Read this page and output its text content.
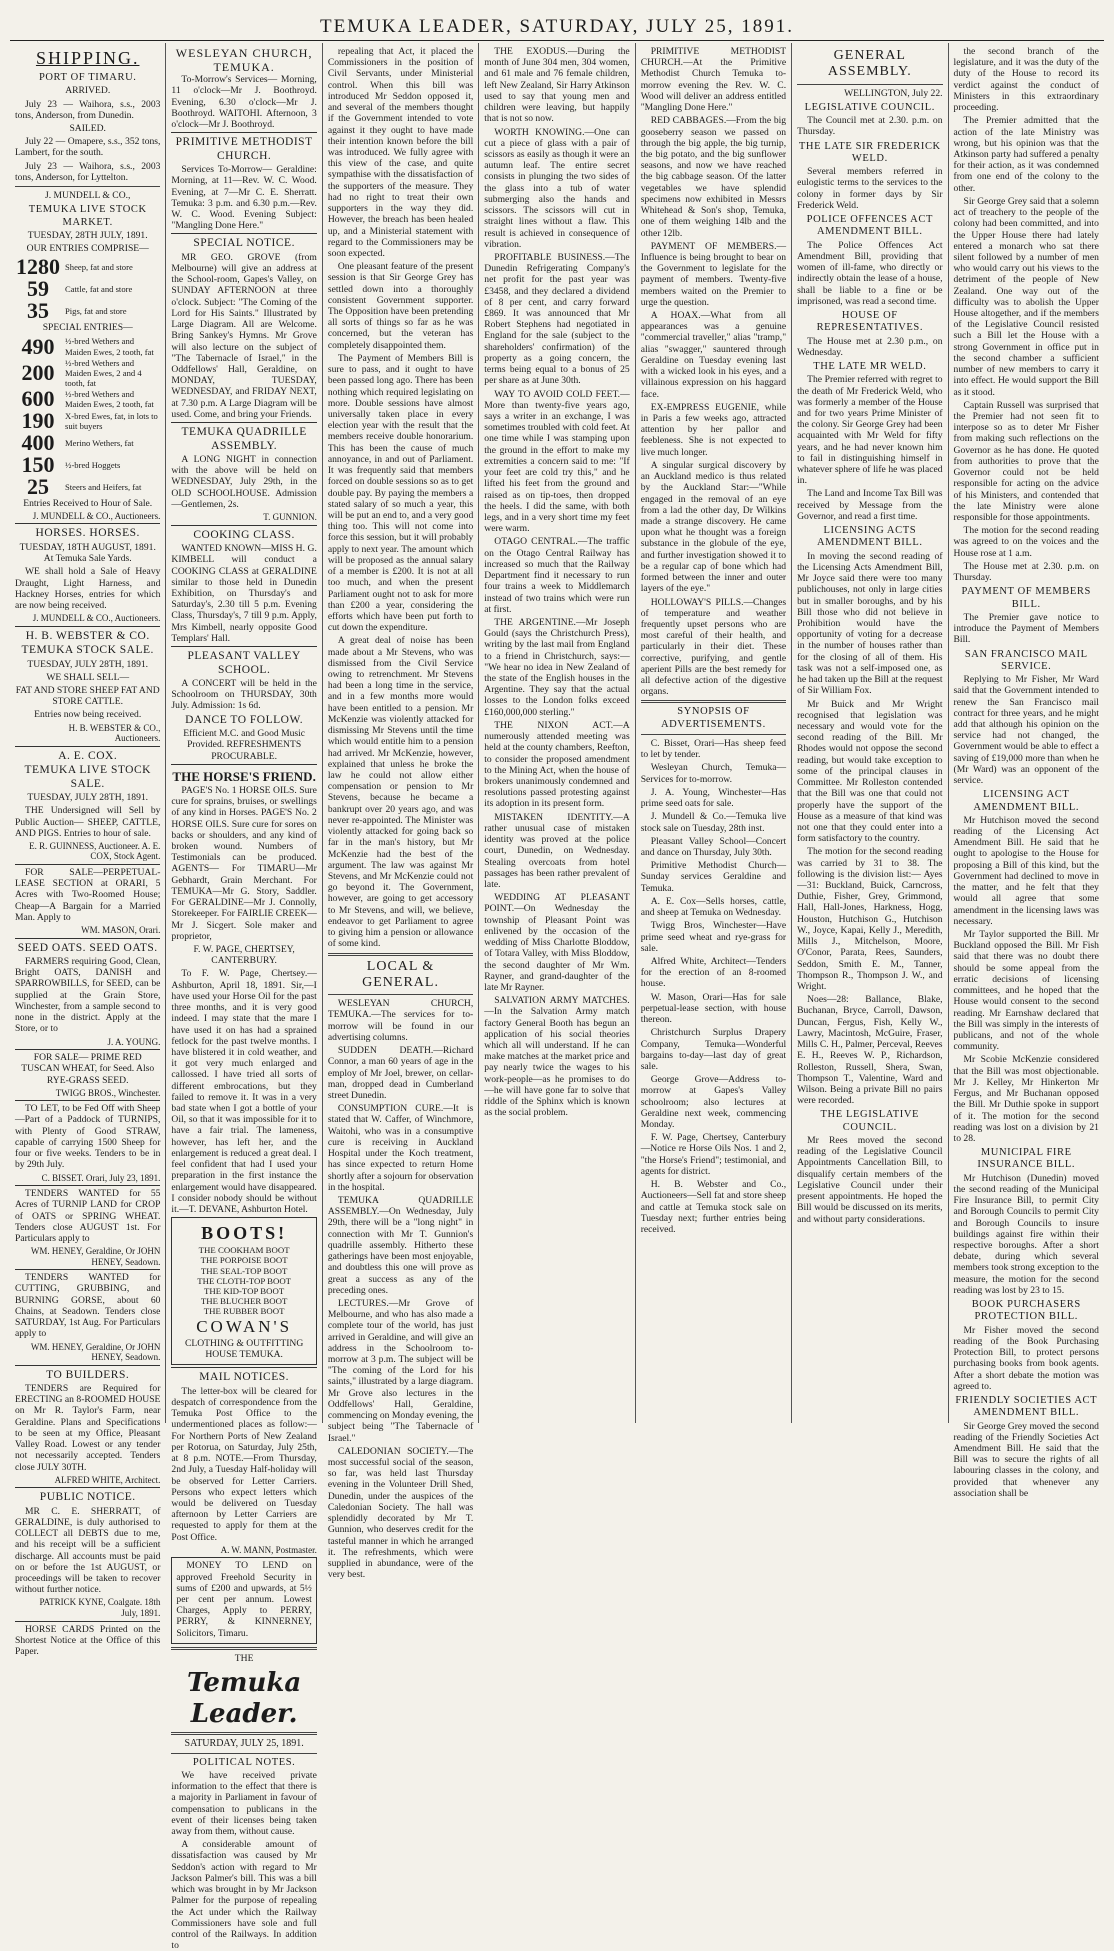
TEMUKA LEADER, SATURDAY, JULY 25, 1891.
SHIPPING.
PORT OF TIMARU.

ARRIVED.

July 23 — Waihora, s.s., 2003 tons, Anderson, from Dunedin.

SAILED.

July 22 — Omapere, s.s., 352 tons, Lambert, for the south.

July 23 — Waihora, s.s., 2003 tons, Anderson, for Lyttelton.

J. MUNDELL & CO.,

TEMUKA LIVE STOCK MARKET.

TUESDAY, 28TH JULY, 1891.

OUR ENTRIES COMPRISE—

1280 Sheep, fat and store
59	Cattle, fat and store
35	Pigs, fat and store

SPECIAL ENTRIES—

490	½-bred Wethers and Maiden Ewes, 2 tooth, fat
200	½-bred Wethers and Maiden Ewes, 2 and 4 tooth, fat
600	½-bred Wethers and Maiden Ewes, 2 tooth, fat
190	X-bred Ewes, fat, in lots to suit buyers
400	Merino Wethers, fat
150	½-bred Hoggets
25	Steers and Heifers, fat

Entries Received to Hour of Sale.

J. MUNDELL & CO., Auctioneers.

HORSES. HORSES.

TUESDAY, 18TH AUGUST, 1891. At Temuka Sale Yards.

WE shall hold a Sale of Heavy Draught, Light Harness, and Hackney Horses, entries for which are now being received.

J. MUNDELL & CO., Auctioneers.

H. B. WEBSTER & CO.
TEMUKA STOCK SALE.

TUESDAY, JULY 28TH, 1891.

WE SHALL SELL—

FAT AND STORE SHEEP FAT AND STORE CATTLE.

Entries now being received.

H. B. WEBSTER & CO., Auctioneers.

A. E. COX.
TEMUKA LIVE STOCK SALE.

TUESDAY, JULY 28TH, 1891.

THE Undersigned will Sell by Public Auction— SHEEP, CATTLE, AND PIGS. Entries to hour of sale.

E. R. GUINNESS, Auctioneer. A. E. COX, Stock Agent.

FOR SALE—PERPETUAL-LEASE SECTION at ORARI, 5 Acres with Two-Roomed House; Cheap—A Bargain for a Married Man. Apply to

WM. MASON, Orari.

SEED OATS. SEED OATS.

FARMERS requiring Good, Clean, Bright OATS, DANISH and SPARROWBILLS, for SEED, can be supplied at the Grain Store, Winchester, from a sample second to none in the district. Apply at the Store, or to

J. A. YOUNG.

FOR SALE— PRIME RED TUSCAN WHEAT, for Seed. Also RYE-GRASS SEED.

TWIGG BROS., Winchester.

TO LET, to be Fed Off with Sheep—Part of a Paddock of TURNIPS, with Plenty of Good STRAW, capable of carrying 1500 Sheep for four or five weeks. Tenders to be in by 29th July.

C. BISSET. Orari, July 23, 1891.

TENDERS WANTED for 55 Acres of TURNIP LAND for CROP of OATS or SPRING WHEAT. Tenders close AUGUST 1st. For Particulars apply to

WM. HENEY, Geraldine, Or JOHN HENEY, Seadown.

TENDERS WANTED for CUTTING, GRUBBING, and BURNING GORSE, about 60 Chains, at Seadown. Tenders close SATURDAY, 1st Aug. For Particulars apply to

WM. HENEY, Geraldine, Or JOHN HENEY, Seadown.

TO BUILDERS.

TENDERS are Required for ERECTING an 8-ROOMED HOUSE on Mr R. Taylor's Farm, near Geraldine. Plans and Specifications to be seen at my Office, Pleasant Valley Road. Lowest or any tender not necessarily accepted. Tenders close JULY 30TH.

ALFRED WHITE, Architect.

PUBLIC NOTICE.

MR C. E. SHERRATT, of GERALDINE, is duly authorised to COLLECT all DEBTS due to me, and his receipt will be a sufficient discharge. All accounts must be paid on or before the 1st AUGUST, or proceedings will be taken to recover without further notice.

PATRICK KYNE, Coalgate. 18th July, 1891.

HORSE CARDS Printed on the Shortest Notice at the Office of this Paper.

WESLEYAN CHURCH, TEMUKA.

To-Morrow's Services— Morning, 11 o'clock—Mr J. Boothroyd. Evening, 6.30 o'clock—Mr J. Boothroyd. WAITOHI. Afternoon, 3 o'clock—Mr J. Boothroyd.

PRIMITIVE METHODIST CHURCH.

Services To-Morrow— Geraldine: Morning, at 11—Rev. W. C. Wood. Evening, at 7—Mr C. E. Sherratt. Temuka: 3 p.m. and 6.30 p.m.—Rev. W. C. Wood. Evening Subject: "Mangling Done Here."

SPECIAL NOTICE.

MR GEO. GROVE (from Melbourne) will give an address at the School-room, Gapes's Valley, on SUNDAY AFTERNOON at three o'clock. Subject: "The Coming of the Lord for His Saints." Illustrated by Large Diagram. All are Welcome. Bring Sankey's Hymns. Mr Grove will also lecture on the subject of "The Tabernacle of Israel," in the Oddfellows' Hall, Geraldine, on MONDAY, TUESDAY, WEDNESDAY, and FRIDAY NEXT, at 7.30 p.m. A Large Diagram will be used. Come, and bring your Friends.

TEMUKA QUADRILLE ASSEMBLY.

A LONG NIGHT in connection with the above will be held on WEDNESDAY, July 29th, in the OLD SCHOOLHOUSE. Admission—Gentlemen, 2s.

T. GUNNION.

COOKING CLASS.

WANTED KNOWN—MISS H. G. KIMBELL will conduct a COOKING CLASS at GERALDINE similar to those held in Dunedin Exhibition, on Thursday's and Saturday's, 2.30 till 5 p.m. Evening Class, Thursday's, 7 till 9 p.m. Apply, Mrs Kimbell, nearly opposite Good Templars' Hall.

PLEASANT VALLEY SCHOOL.

A CONCERT will be held in the Schoolroom on THURSDAY, 30th July. Admission: 1s 6d.

DANCE TO FOLLOW.

Efficient M.C. and Good Music Provided. REFRESHMENTS PROCURABLE.

THE HORSE'S FRIEND.

PAGE'S No. 1 HORSE OILS. Sure cure for sprains, bruises, or swellings of any kind in Horses. PAGE'S No. 2 HORSE OILS. Sure cure for sores on backs or shoulders, and any kind of broken wound. Numbers of Testimonials can be produced. AGENTS— For TIMARU—Mr Gebhardt, Grain Merchant. For TEMUKA—Mr G. Story, Saddler. For GERALDINE—Mr J. Connolly, Storekeeper. For FAIRLIE CREEK—Mr J. Sicgert. Sole maker and proprietor,

F. W. PAGE, CHERTSEY, CANTERBURY.

To F. W. Page, Chertsey.—Ashburton, April 18, 1891. Sir,—I have used your Horse Oil for the past three months, and it is very good indeed. I may state that the mare I have used it on has had a sprained fetlock for the past twelve months. I have blistered it in cold weather, and it got very much enlarged and callossed. I have tried all sorts of different embrocations, but they failed to remove it. It was in a very bad state when I got a bottle of your Oil, so that it was impossible for it to have a fair trial. The lameness, however, has left her, and the enlargement is reduced a great deal. I feel confident that had I used your preparation in the first instance the enlargement would have disappeared. I consider nobody should be without it.—T. DEVANE, Ashburton Hotel.

BOOTS!
THE COOKHAM BOOT
THE PORPOISE BOOT
THE SEAL-TOP BOOT
THE CLOTH-TOP BOOT
THE KID-TOP BOOT
THE BLUCHER BOOT
THE RUBBER BOOT
COWAN'S

CLOTHING & OUTFITTING HOUSE TEMUKA.

MAIL NOTICES.

The letter-box will be cleared for despatch of correspondence from the Temuka Post Office to the undermentioned places as follow:— For Northern Ports of New Zealand per Rotorua, on Saturday, July 25th, at 8 p.m. NOTE.—From Thursday, 2nd July, a Tuesday Half-holiday will be observed for Letter Carriers. Persons who expect letters which would be delivered on Tuesday afternoon by Letter Carriers are requested to apply for them at the Post Office.

A. W. MANN, Postmaster.

MONEY TO LEND on approved Freehold Security in sums of £200 and upwards, at 5½ per cent per annum. Lowest Charges, Apply to PERRY, PERRY, & KINNERNEY, Solicitors, Timaru.

THE

Temuka Leader.
SATURDAY, JULY 25, 1891.
POLITICAL NOTES.

We have received private information to the effect that there is a majority in Parliament in favour of compensation to publicans in the event of their licenses being taken away from them, without cause.

A considerable amount of dissatisfaction was caused by Mr Seddon's action with regard to Mr Jackson Palmer's bill. This was a bill which was brought in by Mr Jackson Palmer for the purpose of repealing the Act under which the Railway Commissioners have sole and full control of the Railways. In addition to

repealing that Act, it placed the Commissioners in the position of Civil Servants, under Ministerial control. When this bill was introduced Mr Seddon opposed it, and several of the members thought if the Government intended to vote against it they ought to have made their intention known before the bill was introduced. We fully agree with this view of the case, and quite sympathise with the dissatisfaction of the supporters of the measure. They had no right to treat their own supporters in the way they did. However, the breach has been healed up, and a Ministerial statement with regard to the Commissioners may be soon expected.

One pleasant feature of the present session is that Sir George Grey has settled down into a thoroughly consistent Government supporter. The Opposition have been pretending all sorts of things so far as he was concerned, but the veteran has completely disappointed them.

The Payment of Members Bill is sure to pass, and it ought to have been passed long ago. There has been nothing which required legislating on more. Double sessions have almost universally taken place in every election year with the result that the members receive double honorarium. This has been the cause of much annoyance, in and out of Parliament. It was frequently said that members forced on double sessions so as to get double pay. By paying the members a stated salary of so much a year, this will be put an end to, and a very good thing too. This will not come into force this session, but it will probably apply to next year. The amount which will be proposed as the annual salary of a member is £200. It is not at all too much, and when the present Parliament ought not to ask for more than £200 a year, considering the efforts which have been put forth to cut down the expenditure.

A great deal of noise has been made about a Mr Stevens, who was dismissed from the Civil Service owing to retrenchment. Mr Stevens had been a long time in the service, and in a few months more would have been entitled to a pension. Mr McKenzie was violently attacked for dismissing Mr Stevens until the time which would entitle him to a pension had arrived. Mr McKenzie, however, explained that unless he broke the law he could not allow either compensation or pension to Mr Stevens, because he became a bankrupt over 20 years ago, and was never re-appointed. The Minister was violently attacked for going back so far in the man's history, but Mr McKenzie had the best of the argument. The law was against Mr Stevens, and Mr McKenzie could not go beyond it. The Government, however, are going to get accessory to Mr Stevens, and will, we believe, endeavor to get Parliament to agree to giving him a pension or allowance of some kind.

LOCAL & GENERAL.

WESLEYAN CHURCH, TEMUKA.—The services for to-morrow will be found in our advertising columns.

SUDDEN DEATH.—Richard Connor, a man 60 years of age in the employ of Mr Joel, brewer, on cellar-man, dropped dead in Cumberland street Dunedin.

CONSUMPTION CURE.—It is stated that W. Caffer, of Winchmore, Waitohi, who was in a consumptive cure is receiving in Auckland Hospital under the Koch treatment, has since expected to return Home shortly after a sojourn for observation in the hospital.

TEMUKA QUADRILLE ASSEMBLY.—On Wednesday, July 29th, there will be a "long night" in connection with Mr T. Gunnion's quadrille assembly. Hitherto these gatherings have been most enjoyable, and doubtless this one will prove as great a success as any of the preceding ones.

LECTURES.—Mr Grove of Melbourne, and who has also made a complete tour of the world, has just arrived in Geraldine, and will give an address in the Schoolroom to-morrow at 3 p.m. The subject will be "The coming of the Lord for his saints," illustrated by a large diagram. Mr Grove also lectures in the Oddfellows' Hall, Geraldine, commencing on Monday evening, the subject being "The Tabernacle of Israel."

CALEDONIAN SOCIETY.—The most successful social of the season, so far, was held last Thursday evening in the Volunteer Drill Shed, Dunedin, under the auspices of the Caledonian Society. The hall was splendidly decorated by Mr T. Gunnion, who deserves credit for the tasteful manner in which he arranged it. The refreshments, which were supplied in abundance, were of the very best.

THE EXODUS.—During the month of June 304 men, 304 women, and 61 male and 76 female children, left New Zealand, Sir Harry Atkinson used to say that young men and children were leaving, but happily that is not so now.

WORTH KNOWING.—One can cut a piece of glass with a pair of scissors as easily as though it were an autumn leaf. The entire secret consists in plunging the two sides of the glass into a tub of water submerging also the hands and scissors. The scissors will cut in straight lines without a flaw. This result is achieved in consequence of vibration.

PROFITABLE BUSINESS.—The Dunedin Refrigerating Company's net profit for the past year was £3458, and they declared a dividend of 8 per cent, and carry forward £869. It was announced that Mr Robert Stephens had negotiated in England for the sale (subject to the shareholders' confirmation) of the property as a going concern, the terms being equal to a bonus of 25 per share as at June 30th.

WAY TO AVOID COLD FEET.—More than twenty-five years ago, says a writer in an exchange, I was sometimes troubled with cold feet. At one time while I was stamping upon the ground in the effort to make my extremities a concern said to me: "If your feet are cold try this," and he lifted his feet from the ground and raised as on tip-toes, then dropped the heels. I did the same, with both legs, and in a very short time my feet were warm.

OTAGO CENTRAL.—The traffic on the Otago Central Railway has increased so much that the Railway Department find it necessary to run four trains a week to Middlemarch instead of two trains which were run at first.

THE ARGENTINE.—Mr Joseph Gould (says the Christchurch Press), writing by the last mail from England to a friend in Christchurch, says:— "We hear no idea in New Zealand of the state of the English houses in the Argentine. They say that the actual losses to the London folks exceed £160,000,000 sterling."

THE NIXON ACT.—A numerously attended meeting was held at the county chambers, Reefton, to consider the proposed amendment to the Mining Act, when the house of brokers unanimously condemned and resolutions passed protesting against its adoption in its present form.

MISTAKEN IDENTITY.—A rather unusual case of mistaken identity was proved at the police court, Dunedin, on Wednesday. Stealing overcoats from hotel passages has been rather prevalent of late.

WEDDING AT PLEASANT POINT.—On Wednesday the township of Pleasant Point was enlivened by the occasion of the wedding of Miss Charlotte Bloddow, of Totara Valley, with Miss Bloddow, the second daughter of Mr Wm. Rayner, and grand-daughter of the late Mr Rayner.

SALVATION ARMY MATCHES.—In the Salvation Army match factory General Booth has begun an application of his social theories which all will understand. If he can make matches at the market price and pay nearly twice the wages to his work-people—as he promises to do—he will have gone far to solve that riddle of the Sphinx which is known as the social problem.

PRIMITIVE METHODIST CHURCH.—At the Primitive Methodist Church Temuka to-morrow evening the Rev. W. C. Wood will deliver an address entitled "Mangling Done Here."

RED CABBAGES.—From the big gooseberry season we passed on through the big apple, the big turnip, the big potato, and the big sunflower seasons, and now we have reached the big cabbage season. Of the latter vegetables we have splendid specimens now exhibited in Messrs Whitehead & Son's shop, Temuka, one of them weighing 14lb and the other 12lb.

PAYMENT OF MEMBERS.—Influence is being brought to bear on the Government to legislate for the payment of members. Twenty-five members waited on the Premier to urge the question.

A HOAX.—What from all appearances was a genuine "commercial traveller," alias "tramp," alias "swagger," sauntered through Geraldine on Tuesday evening last with a wicked look in his eyes, and a villainous expression on his haggard face.

EX-EMPRESS EUGENIE, while in Paris a few weeks ago, attracted attention by her pallor and feebleness. She is not expected to live much longer.

A singular surgical discovery by an Auckland medico is thus related by the Auckland Star:—"While engaged in the removal of an eye from a lad the other day, Dr Wilkins made a strange discovery. He came upon what he thought was a foreign substance in the globule of the eye, and further investigation showed it to be a regular cap of bone which had formed between the inner and outer layers of the eye."

HOLLOWAY'S PILLS.—Changes of temperature and weather frequently upset persons who are most careful of their health, and particularly in their diet. These corrective, purifying, and gentle aperient Pills are the best remedy for all defective action of the digestive organs.

SYNOPSIS OF ADVERTISEMENTS.

C. Bisset, Orari—Has sheep feed to let by tender.

Wesleyan Church, Temuka—Services for to-morrow.

J. A. Young, Winchester—Has prime seed oats for sale.

J. Mundell & Co.—Temuka live stock sale on Tuesday, 28th inst.

Pleasant Valley School—Concert and dance on Thursday, July 30th.

Primitive Methodist Church—Sunday services Geraldine and Temuka.

A. E. Cox—Sells horses, cattle, and sheep at Temuka on Wednesday.

Twigg Bros, Winchester—Have prime seed wheat and rye-grass for sale.

Alfred White, Architect—Tenders for the erection of an 8-roomed house.

W. Mason, Orari—Has for sale perpetual-lease section, with house thereon.

Christchurch Surplus Drapery Company, Temuka—Wonderful bargains to-day—last day of great sale.

George Grove—Address to-morrow at Gapes's Valley schoolroom; also lectures at Geraldine next week, commencing Monday.

F. W. Page, Chertsey, Canterbury—Notice re Horse Oils Nos. 1 and 2, "the Horse's Friend"; testimonial, and agents for district.

H. B. Webster and Co., Auctioneers—Sell fat and store sheep and cattle at Temuka stock sale on Tuesday next; further entries being received.

GENERAL ASSEMBLY.

WELLINGTON, July 22.

LEGISLATIVE COUNCIL.

The Council met at 2.30. p.m. on Thursday.

THE LATE SIR FREDERICK WELD.

Several members referred in eulogistic terms to the services to the colony in former days by Sir Frederick Weld.

POLICE OFFENCES ACT AMENDMENT BILL.

The Police Offences Act Amendment Bill, providing that women of ill-fame, who directly or indirectly obtain the lease of a house, shall be liable to a fine or be imprisoned, was read a second time.

HOUSE OF REPRESENTATIVES.

The House met at 2.30 p.m., on Wednesday.

THE LATE MR WELD.

The Premier referred with regret to the death of Mr Frederick Weld, who was formerly a member of the House and for two years Prime Minister of the colony. Sir George Grey had been acquainted with Mr Weld for fifty years, and he had never known him to fail in distinguishing himself in whatever sphere of life he was placed in.

The Land and Income Tax Bill was received by Message from the Governor, and read a first time.

LICENSING ACTS AMENDMENT BILL.

In moving the second reading of the Licensing Acts Amendment Bill, Mr Joyce said there were too many publichouses, not only in large cities but in smaller boroughs, and by his Bill those who did not believe in Prohibition would have the opportunity of voting for a decrease in the number of houses rather than for the closing of all of them. His task was not a self-imposed one, as he had taken up the Bill at the request of Sir William Fox.

Mr Buick and Mr Wright recognised that legislation was necessary and would vote for the second reading of the Bill. Mr Rhodes would not oppose the second reading, but would take exception to some of the principal clauses in Committee. Mr Rolleston contended that the Bill was one that could not properly have the support of the House as a measure of that kind was not one that they could enter into a form satisfactory to the country.

The motion for the second reading was carried by 31 to 38. The following is the division list:— Ayes—31: Buckland, Buick, Carncross, Duthie, Fisher, Grey, Grimmond, Hall, Hall-Jones, Harkness, Hogg, Houston, Hutchison G., Hutchison W., Joyce, Kapai, Kelly J., Meredith, Mills J., Mitchelson, Moore, O'Conor, Parata, Rees, Saunders, Seddon, Smith E. M., Tanner, Thompson R., Thompson J. W., and Wright.

Noes—28: Ballance, Blake, Buchanan, Bryce, Carroll, Dawson, Duncan, Fergus, Fish, Kelly W., Lawry, Macintosh, McGuire, Fraser, Mills C. H., Palmer, Perceval, Reeves E. H., Reeves W. P., Richardson, Rolleston, Russell, Shera, Swan, Thompson T., Valentine, Ward and Wilson. Being a private Bill no pairs were recorded.

THE LEGISLATIVE COUNCIL.

Mr Rees moved the second reading of the Legislative Council Appointments Cancellation Bill, to disqualify certain members of the Legislative Council under their present appointments. He hoped the Bill would be discussed on its merits, and without party considerations.

the second branch of the legislature, and it was the duty of the duty of the House to record its verdict against the conduct of Ministers in this extraordinary proceeding.

The Premier admitted that the action of the late Ministry was wrong, but his opinion was that the Atkinson party had suffered a penalty for their action, as it was condemned from one end of the colony to the other.

Sir George Grey said that a solemn act of treachery to the people of the colony had been committed, and into the Upper House there had lately entered a monarch who sat there silent followed by a number of men who would carry out his views to the detriment of the people of New Zealand. One way out of the difficulty was to abolish the Upper House altogether, and if the members of the Legislative Council resisted such a Bill let the House with a strong Government in office put in the second chamber a sufficient number of new members to carry it into effect. He would support the Bill as it stood.

Captain Russell was surprised that the Premier had not seen fit to interpose so as to deter Mr Fisher from making such reflections on the Governor as he has done. He quoted from authorities to prove that the Governor could not be held responsible for acting on the advice of his Ministers, and contended that the late Ministry were alone responsible for those appointments.

The motion for the second reading was agreed to on the voices and the House rose at 1 a.m.

The House met at 2.30. p.m. on Thursday.

PAYMENT OF MEMBERS BILL.

The Premier gave notice to introduce the Payment of Members Bill.

SAN FRANCISCO MAIL SERVICE.

Replying to Mr Fisher, Mr Ward said that the Government intended to renew the San Francisco mail contract for three years, and he might add that although his opinion on the service had not changed, the Government would be able to effect a saving of £19,000 more than when he (Mr Ward) was an opponent of the service.

LICENSING ACT AMENDMENT BILL.

Mr Hutchison moved the second reading of the Licensing Act Amendment Bill. He said that he ought to apologise to the House for proposing a Bill of this kind, but the Government had declined to move in the matter, and he felt that they would all agree that some amendment in the licensing laws was necessary.

Mr Taylor supported the Bill. Mr Buckland opposed the Bill. Mr Fish said that there was no doubt there should be some appeal from the erratic decisions of licensing committees, and he hoped that the House would consent to the second reading. Mr Earnshaw declared that the Bill was simply in the interests of publicans, and not of the whole community.

Mr Scobie McKenzie considered that the Bill was most objectionable. Mr J. Kelley, Mr Hinkerton Mr Fergus, and Mr Buchanan opposed the Bill. Mr Duthie spoke in support of it. The motion for the second reading was lost on a division by 21 to 28.

MUNICIPAL FIRE INSURANCE BILL.

Mr Hutchison (Dunedin) moved the second reading of the Municipal Fire Insurance Bill, to permit City and Borough Councils to permit City and Borough Councils to insure buildings against fire within their respective boroughs. After a short debate, during which several members took strong exception to the measure, the motion for the second reading was lost by 23 to 15.

BOOK PURCHASERS PROTECTION BILL.

Mr Fisher moved the second reading of the Book Purchasing Protection Bill, to protect persons purchasing books from book agents. After a short debate the motion was agreed to.

FRIENDLY SOCIETIES ACT AMENDMENT BILL.

Sir George Grey moved the second reading of the Friendly Societies Act Amendment Bill. He said that the Bill was to secure the rights of all labouring classes in the colony, and provided that whenever any association shall be
